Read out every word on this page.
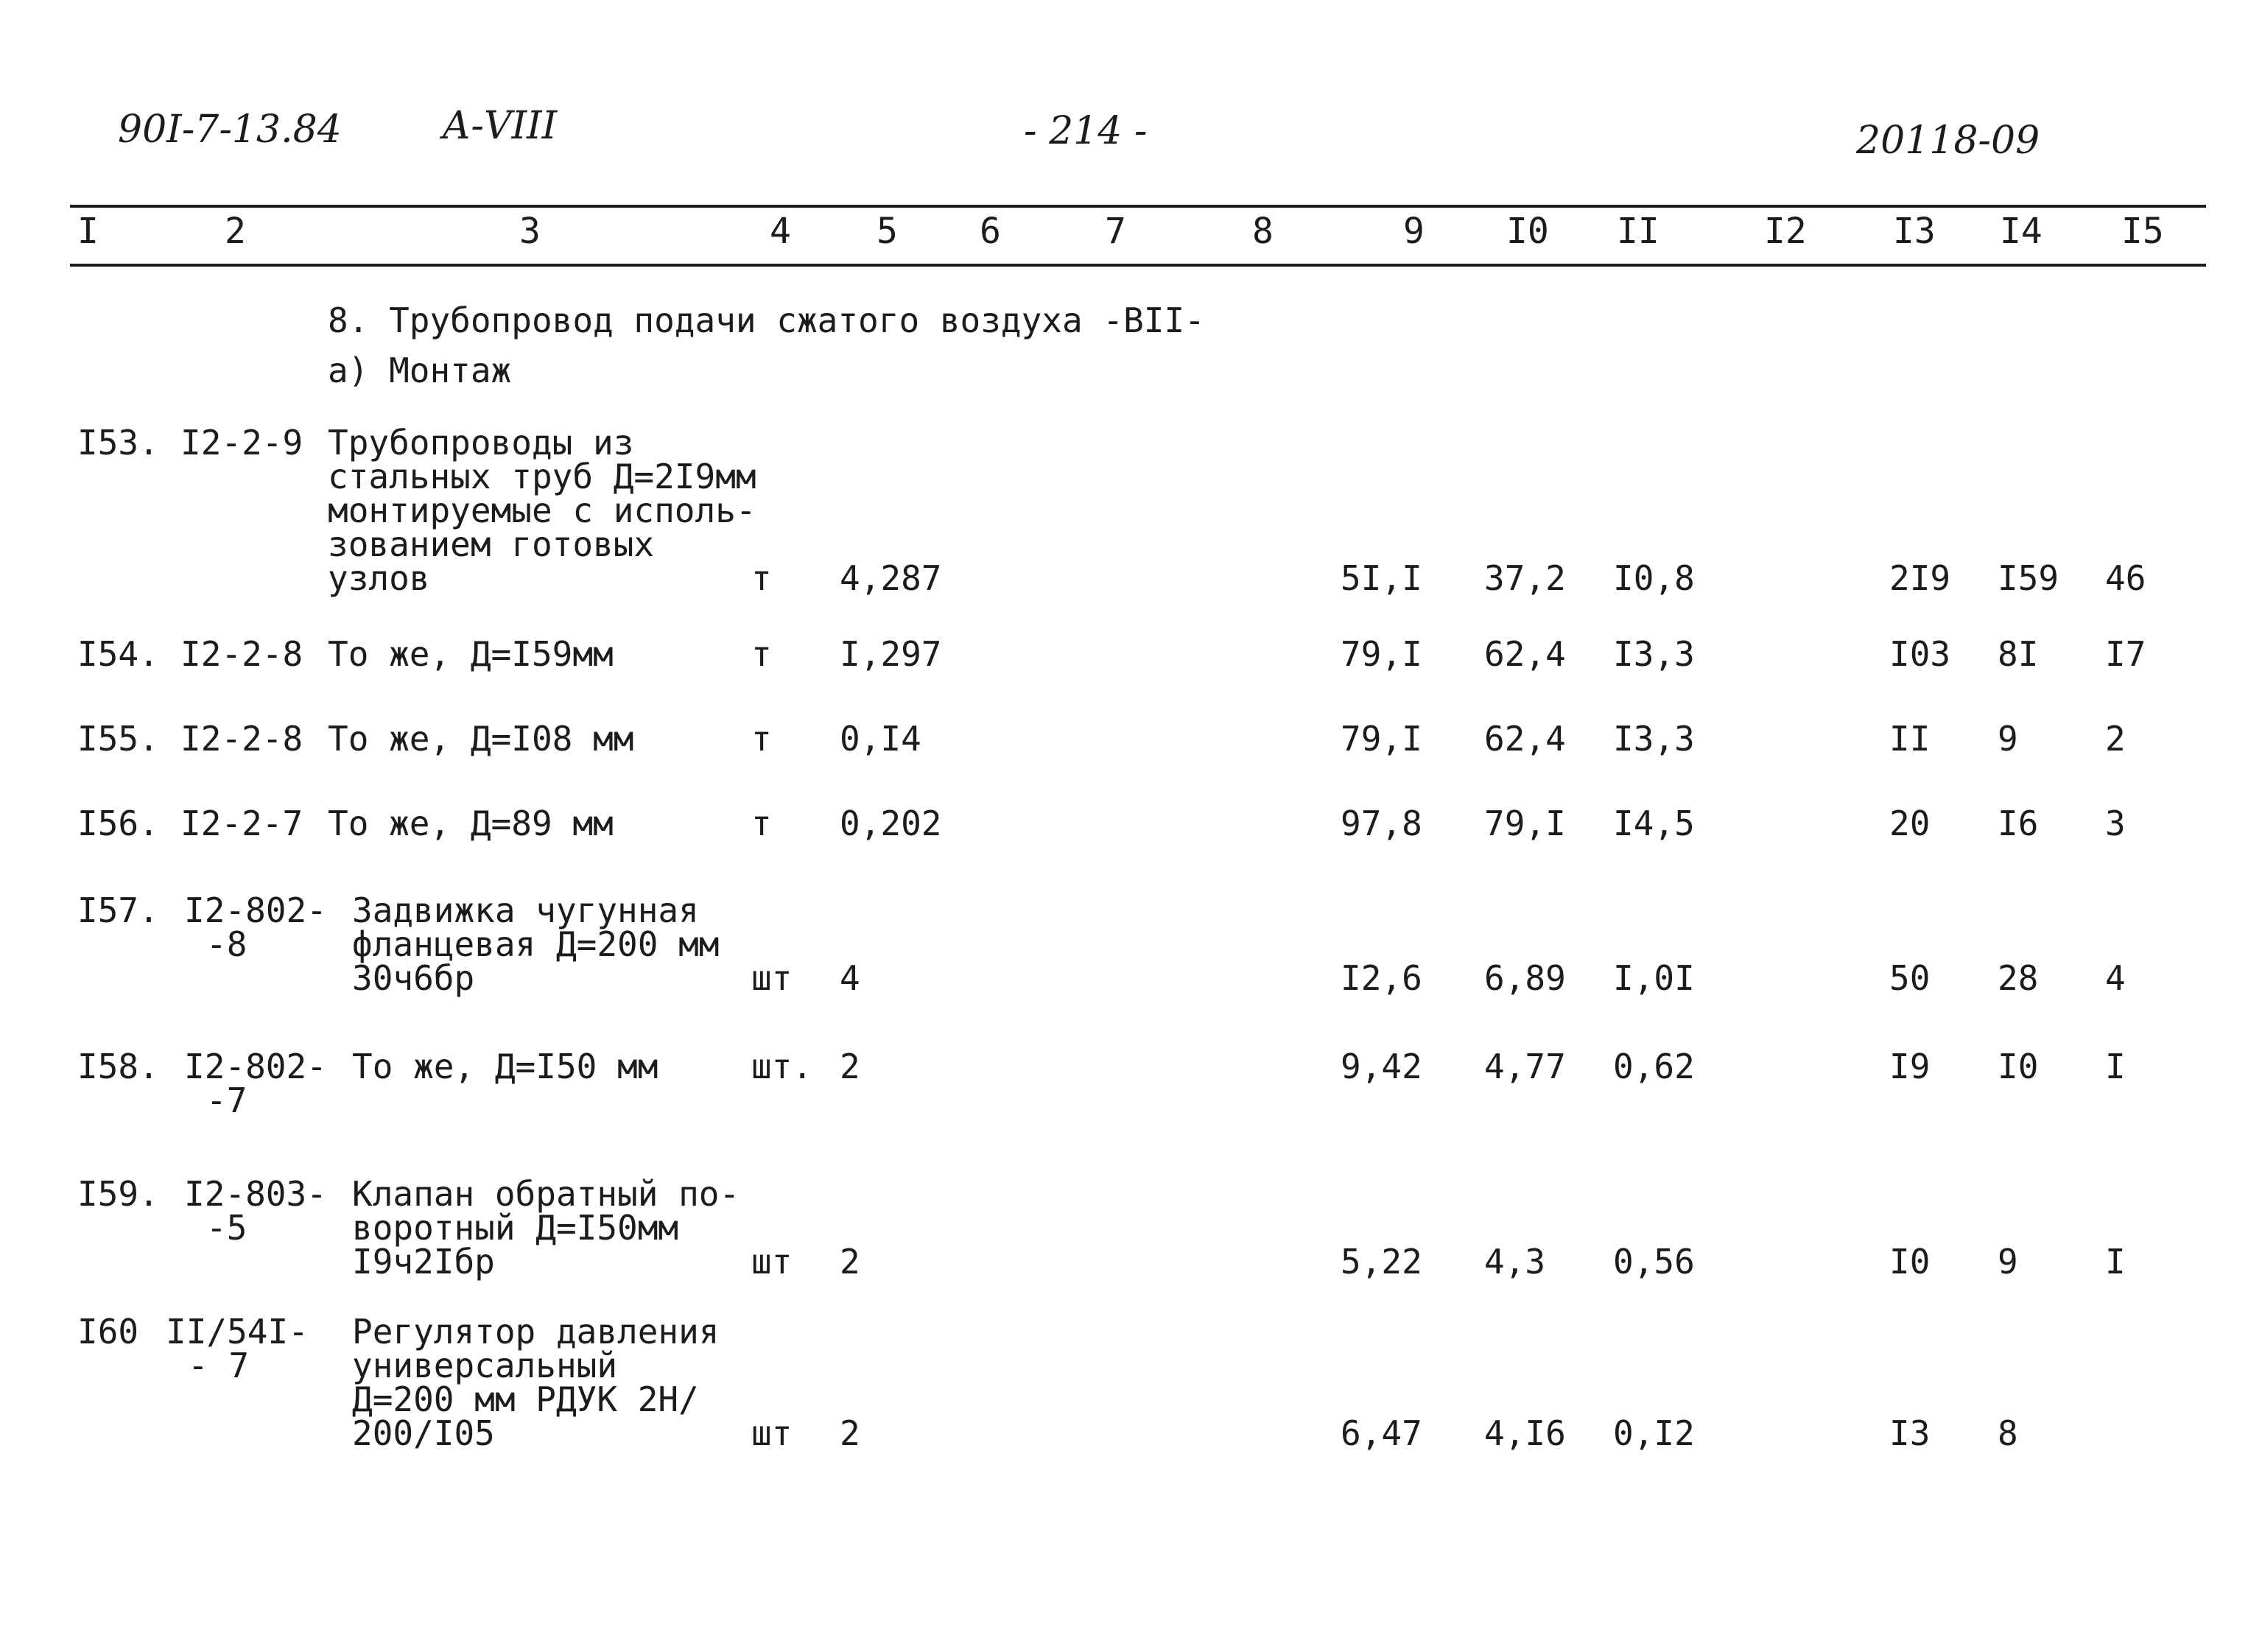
90I-7-13.84	А-VIII	- 214 -	20118-09
I	2	3	4 5 6	7	8	9 I0 II	I2 I3 I4 I5
8. Трубопровод подачи сжатого воздуха -BII-
а) Монтаж
I53. I2-2-9 Трубопроводы из
стальных труб Д=2I9мм
монтируемые с исполь-
зованием готовых
узлов	т 4,287	5I,I 37,2 I0,8	2I9 I59 46
I54. I2-2-8 То же, Д=I59мм	т I,297	79,I 62,4 I3,3	I03 8I I7
I55. I2-2-8 То же, Д=I08 мм	т 0,I4	79,I 62,4 I3,3	II 9	2
I56. I2-2-7 То же, Д=89 мм	т 0,202	97,8 79,I I4,5	20 I6 3
I57. I2-802-
-8
Задвижка чугунная
фланцевая Д=200 мм
30ч6бр	шт 4	I2,6 6,89 I,0I	50 28 4
I58. I2-802-
-7
То же, Д=I50 мм	шт. 2	9,42 4,77 0,62	I9 I0 I
I59. I2-803-
-5
Клапан обратный по-
воротный Д=I50мм
I9ч2Iбр	шт 2	5,22 4,3 0,56	I0 9	I
I60 II/54I-
- 7
Регулятор давления
универсальный
Д=200 мм РДУК 2Н/
200/I05	шт 2	6,47 4,I6 0,I2	I3 8
